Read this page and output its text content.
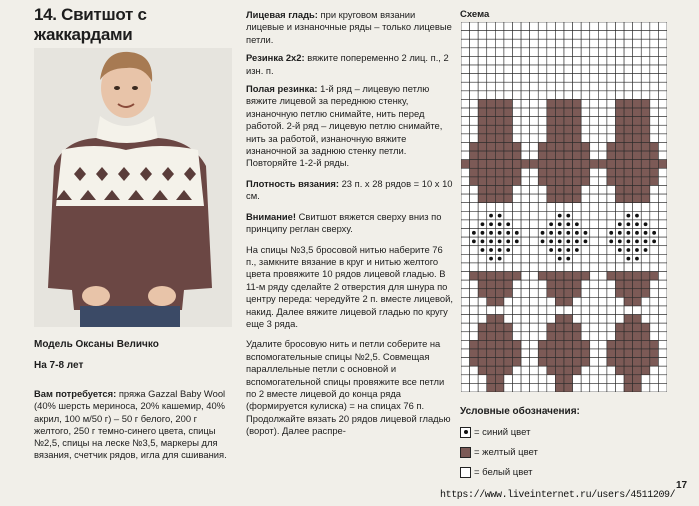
14. Свитшот с жаккардами
Модель Оксаны Величко
На 7-8 лет
Вам потребуется: пряжа Gazzal Baby Wool (40% шерсть мериноса, 20% кашемир, 40% акрил, 100 м/50 г) – 50 г белого, 200 г желтого, 250 г темно-синего цвета, спицы №2,5, спицы на леске №3,5, маркеры для вязания, счетчик рядов, игла для сшивания.

Лицевая гладь: при круговом вязании лицевые и изнаночные ряды – только лицевые петли.

Резинка 2х2: вяжите попеременно 2 лиц. п., 2 изн. п.

Полая резинка: 1-й ряд – лицевую петлю вяжите лицевой за переднюю стенку, изнаночную петлю снимайте, нить перед работой. 2-й ряд – лицевую петлю снимайте, нить за работой, изнаночную вяжите изнаночной за заднюю стенку петли. Повторяйте 1-2-й ряды.

Плотность вязания: 23 п. х 28 рядов = 10 х 10 см.

Внимание! Свитшот вяжется сверху вниз по принципу реглан сверху.

На спицы №3,5 бросовой нитью наберите 76 п., замкните вязание в круг и нитью желтого цвета провяжите 10 рядов лицевой гладью. В 11-м ряду сделайте 2 отверстия для шнура по центру переда: чередуйте 2 п. вместе лицевой, накид. Далее вяжите лицевой гладью по кругу еще 3 ряда.

Удалите бросовую нить и петли соберите на вспомогательные спицы №2,5. Совмещая параллельные петли с основной и вспомогательной спицы провяжите все петли по 2 вместе лицевой до конца ряда (формируется кулиска) = на спицах 76 п. Продолжайте вязать 20 рядов лицевой гладью (ворот). Далее распре-

Схема
Условные обозначения:
= синий цвет
= желтый цвет
= белый цвет
17
https://www.liveinternet.ru/users/4511209/
